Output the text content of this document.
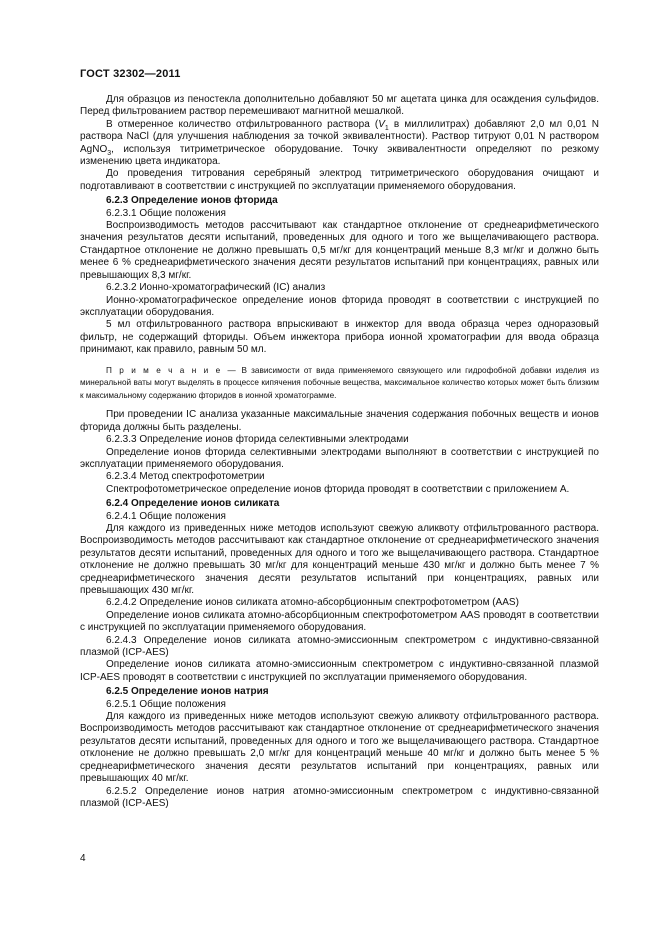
ГОСТ 32302—2011

Для образцов из пеностекла дополнительно добавляют 50 мг ацетата цинка для осаждения сульфидов. Перед фильтрованием раствор перемешивают магнитной мешалкой.

В отмеренное количество отфильтрованного раствора ($V_1$ в миллилитрах) добавляют 2,0 мл 0,01 N раствора NaCl (для улучшения наблюдения за точкой эквивалентности). Раствор титруют 0,01 N раствором AgNO$_3$, используя титриметрическое оборудование. Точку эквивалентности определяют по резкому изменению цвета индикатора.

До проведения титрования серебряный электрод титриметрического оборудования очищают и подготавливают в соответствии с инструкцией по эксплуатации применяемого оборудования.

6.2.3 Определение ионов фторида

6.2.3.1 Общие положения

Воспроизводимость методов рассчитывают как стандартное отклонение от среднеарифметического значения результатов десяти испытаний, проведенных для одного и того же выщелачивающего раствора. Стандартное отклонение не должно превышать 0,5 мг/кг для концентраций меньше 8,3 мг/кг и должно быть менее 6 % среднеарифметического значения десяти результатов испытаний при концентрациях, равных или превышающих 8,3 мг/кг.

6.2.3.2 Ионно-хроматографический (IC) анализ

Ионно-хроматографическое определение ионов фторида проводят в соответствии с инструкцией по эксплуатации оборудования.

5 мл отфильтрованного раствора впрыскивают в инжектор для ввода образца через одноразовый фильтр, не содержащий фториды. Объем инжектора прибора ионной хроматографии для ввода образца принимают, как правило, равным 50 мл.

П р и м е ч а н и е — В зависимости от вида применяемого связующего или гидрофобной добавки изделия из минеральной ваты могут выделять в процессе кипячения побочные вещества, максимальное количество которых может быть близким к максимальному содержанию фторидов в ионной хроматограмме.

При проведении IC анализа указанные максимальные значения содержания побочных веществ и ионов фторида должны быть разделены.

6.2.3.3 Определение ионов фторида селективными электродами

Определение ионов фторида селективными электродами выполняют в соответствии с инструкцией по эксплуатации применяемого оборудования.

6.2.3.4 Метод спектрофотометрии

Спектрофотометрическое определение ионов фторида проводят в соответствии с приложением А.

6.2.4 Определение ионов силиката

6.2.4.1 Общие положения

Для каждого из приведенных ниже методов используют свежую аликвоту отфильтрованного раствора. Воспроизводимость методов рассчитывают как стандартное отклонение от среднеарифметического значения результатов десяти испытаний, проведенных для одного и того же выщелачивающего раствора. Стандартное отклонение не должно превышать 30 мг/кг для концентраций меньше 430 мг/кг и должно быть менее 7 % среднеарифметического значения десяти результатов испытаний при концентрациях, равных или превышающих 430 мг/кг.

6.2.4.2 Определение ионов силиката атомно-абсорбционным спектрофотометром (AAS)

Определение ионов силиката атомно-абсорбционным спектрофотометром AAS проводят в соответствии с инструкцией по эксплуатации применяемого оборудования.

6.2.4.3 Определение ионов силиката атомно-эмиссионным спектрометром с индуктивно-связанной плазмой (ICP-AES)

Определение ионов силиката атомно-эмиссионным спектрометром с индуктивно-связанной плазмой ICP-AES проводят в соответствии с инструкцией по эксплуатации применяемого оборудования.

6.2.5 Определение ионов натрия

6.2.5.1 Общие положения

Для каждого из приведенных ниже методов используют свежую аликвоту отфильтрованного раствора. Воспроизводимость методов рассчитывают как стандартное отклонение от среднеарифметического значения результатов десяти испытаний, проведенных для одного и того же выщелачивающего раствора. Стандартное отклонение не должно превышать 2,0 мг/кг для концентраций меньше 40 мг/кг и должно быть менее 5 % среднеарифметического значения десяти результатов испытаний при концентрациях, равных или превышающих 40 мг/кг.

6.2.5.2 Определение ионов натрия атомно-эмиссионным спектрометром с индуктивно-связанной плазмой (ICP-AES)

4
